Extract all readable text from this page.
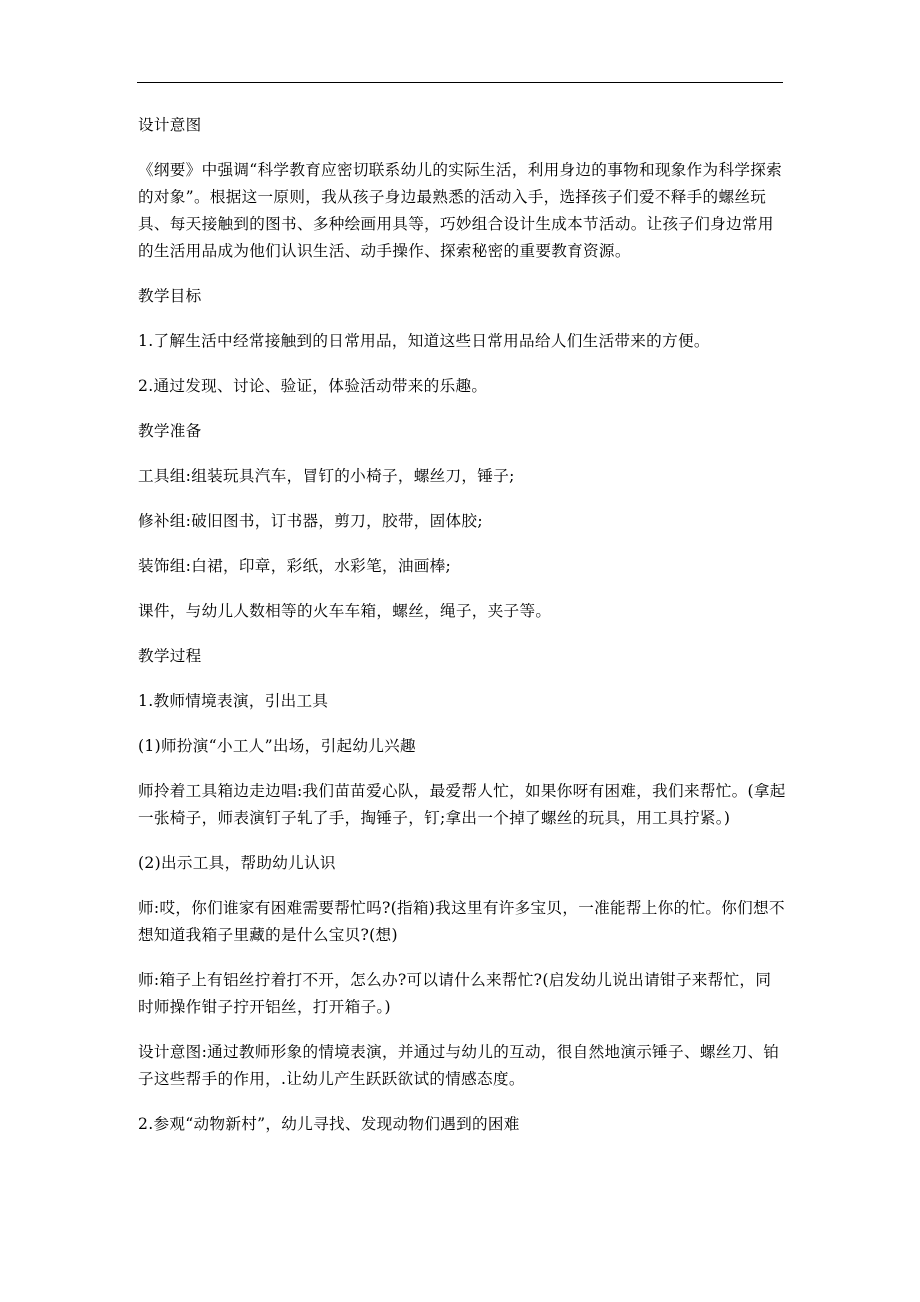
设计意图

《纲要》中强调“科学教育应密切联系幼儿的实际生活，利用身边的事物和现象作为科学探索的对象”。根据这一原则，我从孩子身边最熟悉的活动入手，选择孩子们爱不释手的螺丝玩具、每天接触到的图书、多种绘画用具等，巧妙组合设计生成本节活动。让孩子们身边常用的生活用品成为他们认识生活、动手操作、探索秘密的重要教育资源。

教学目标

1.了解生活中经常接触到的日常用品，知道这些日常用品给人们生活带来的方便。

2.通过发现、讨论、验证，体验活动带来的乐趣。

教学准备

工具组:组装玩具汽车，冒钉的小椅子，螺丝刀，锤子;

修补组:破旧图书，订书器，剪刀，胶带，固体胶;

装饰组:白裙，印章，彩纸，水彩笔，油画棒;

课件，与幼儿人数相等的火车车箱，螺丝，绳子，夹子等。

教学过程

1.教师情境表演，引出工具

(1)师扮演“小工人”出场，引起幼儿兴趣

师拎着工具箱边走边唱:我们苗苗爱心队，最爱帮人忙，如果你呀有困难，我们来帮忙。(拿起一张椅子，师表演钉子轧了手，掏锤子，钉;拿出一个掉了螺丝的玩具，用工具拧紧。)

(2)出示工具，帮助幼儿认识

师:哎，你们谁家有困难需要帮忙吗?(指箱)我这里有许多宝贝，一准能帮上你的忙。你们想不想知道我箱子里藏的是什么宝贝?(想)

师:箱子上有铝丝拧着打不开，怎么办?可以请什么来帮忙?(启发幼儿说出请钳子来帮忙，同时师操作钳子拧开铝丝，打开箱子。)

设计意图:通过教师形象的情境表演，并通过与幼儿的互动，很自然地演示锤子、螺丝刀、铂子这些帮手的作用，.让幼儿产生跃跃欲试的情感态度。

2.参观“动物新村”，幼儿寻找、发现动物们遇到的困难
